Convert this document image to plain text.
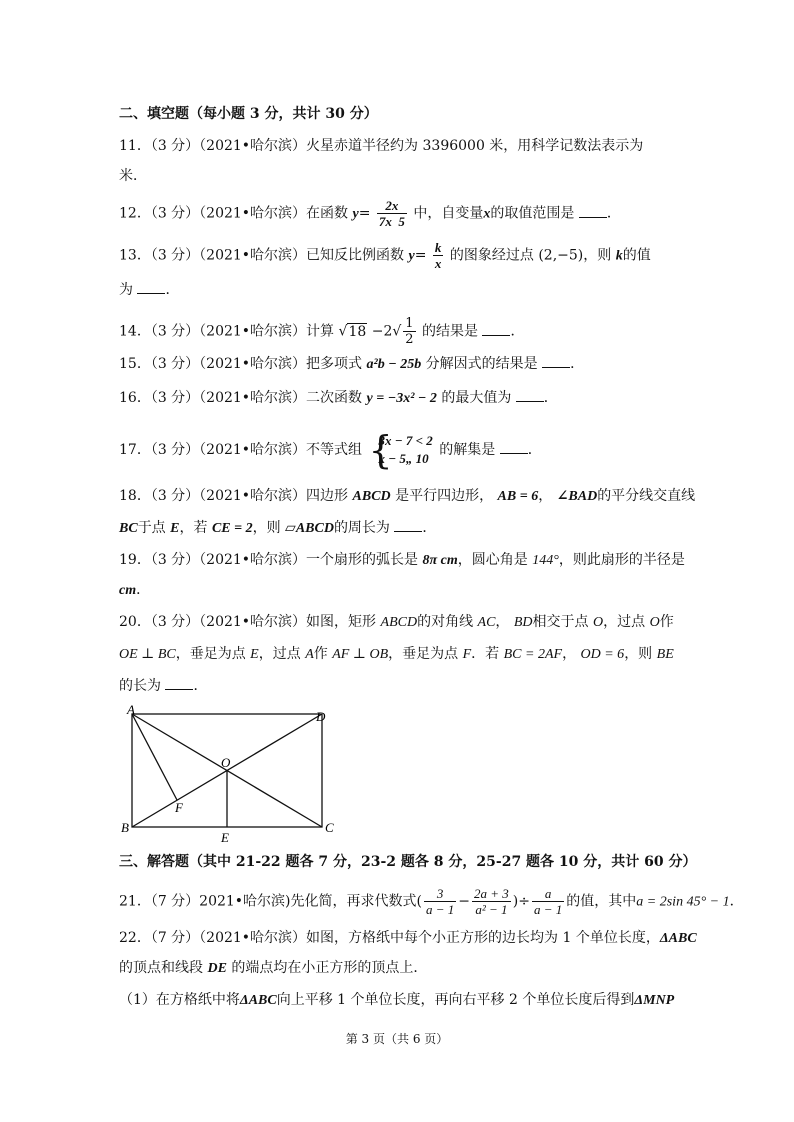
二、填空题（每小题 3 分，共计 30 分）
11．（3 分）（2021•哈尔滨）火星赤道半径约为 3396000 米，用科学记数法表示为
米．
12．（3 分）（2021•哈尔滨）在函数 $y= \frac{2x}{7x 5}$ 中，自变量x的取值范围是 ．
13．（3 分）（2021•哈尔滨）已知反比例函数 $y= \frac{k}{x}$ 的图象经过点 (2,−5)，则 k的值
为 ．
14．（3 分）（2021•哈尔滨）计算 $√18 -2√ \frac{1}{2}$ 的结果是 ．
15．（3 分）（2021•哈尔滨）把多项式 a²b − 25b 分解因式的结果是 ．
16．（3 分）（2021•哈尔滨）二次函数 y = −3x² − 2 的最大值为 ．
17．（3 分）（2021•哈尔滨）不等式组 {
3x − 7 < 2
x − 5„ 10
的解集是 ．
18．（3 分）（2021•哈尔滨）四边形 ABCD 是平行四边形， AB = 6， ∠BAD的平分线交直线
BC于点 E，若 CE = 2，则 ▱ABCD的周长为 ．
19．（3 分）（2021•哈尔滨）一个扇形的弧长是 8π cm，圆心角是 144°，则此扇形的半径是
cm．
20．（3 分）（2021•哈尔滨）如图，矩形 ABCD的对角线 AC， BD相交于点 O，过点 O作
OE ⊥ BC，垂足为点 E，过点 A作 AF ⊥ OB，垂足为点 F．若 BC = 2AF， OD = 6，则 BE
的长为 ．
A
B	C
D
O
E
F
三、解答题（其中 21-22 题各 7 分，23-2 题各 8 分，25-27 题各 10 分，共计 60 分）
21．（7 分）2021•哈尔滨)先化简，再求代数式( $\frac{3}{a - 1} - \frac{2a + 3}{\text{a² − 1}}$ )÷ $\frac{a}{a - 1}$ 的值，其中a = 2sin 45° − 1．
22．（7 分）（2021•哈尔滨）如图，方格纸中每个小正方形的边长均为 1 个单位长度，ΔABC
的顶点和线段 DE 的端点均在小正方形的顶点上．
（1）在方格纸中将ΔABC向上平移 1 个单位长度，再向右平移 2 个单位长度后得到ΔMNP
第 3 页（共 6 页）
